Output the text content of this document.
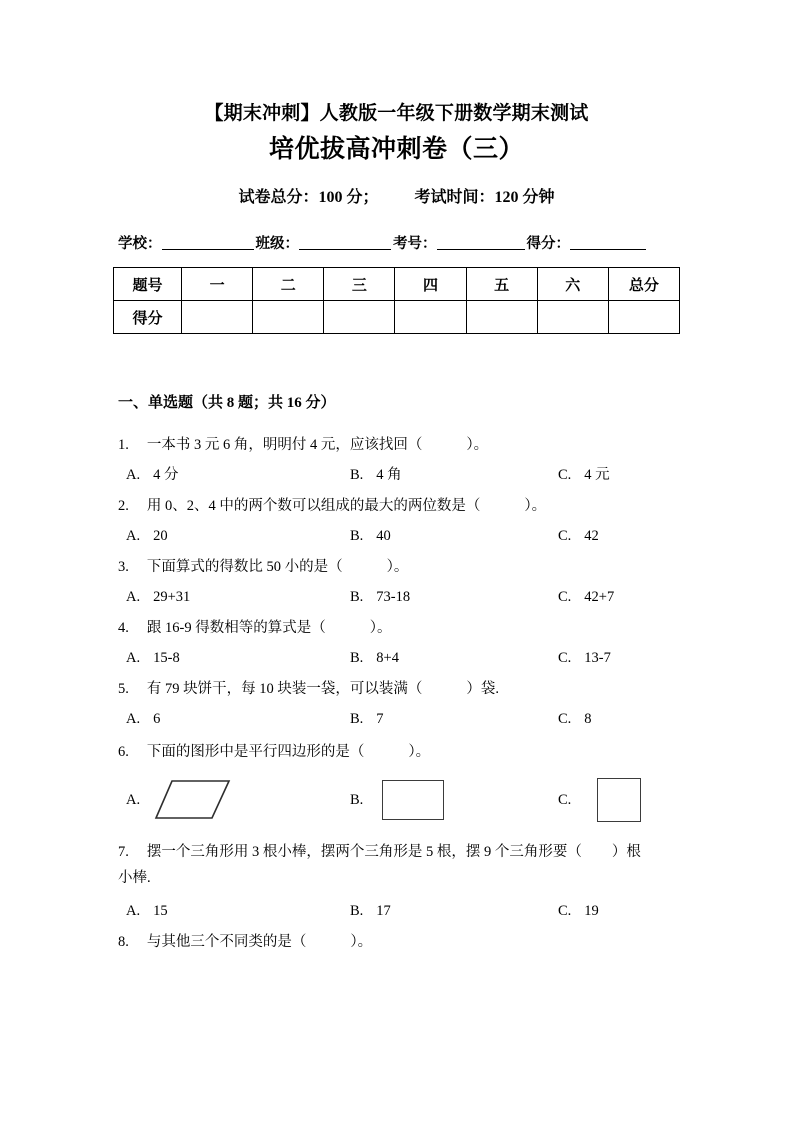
【期末冲刺】人教版一年级下册数学期末测试
培优拔高冲刺卷（三）
试卷总分：100 分； 考试时间：120 分钟
学校：	班级：	考号：	得分：
题号	一	二	三	四	五	六	总分
得分							
一、单选题（共 8 题；共 16 分）
1. 一本书 3 元 6 角，明明付 4 元，应该找回（	）。
A. 4 分	B. 4 角	C. 4 元
2. 用 0、2、4 中的两个数可以组成的最大的两位数是（	）。
A. 20	B. 40	C. 42
3. 下面算式的得数比 50 小的是（	）。
A. 29+31	B. 73-18	C. 42+7
4. 跟 16-9 得数相等的算式是（	）。
A. 15-8	B. 8+4	C. 13-7
5. 有 79 块饼干，每 10 块装一袋，可以装满（	）袋.
A. 6	B. 7	C. 8
6. 下面的图形中是平行四边形的是（	）。
A.	B.	C.
7. 摆一个三角形用 3 根小棒，摆两个三角形是 5 根，摆 9 个三角形要（ ）根
小棒.
A. 15	B. 17	C. 19
8. 与其他三个不同类的是（	）。
